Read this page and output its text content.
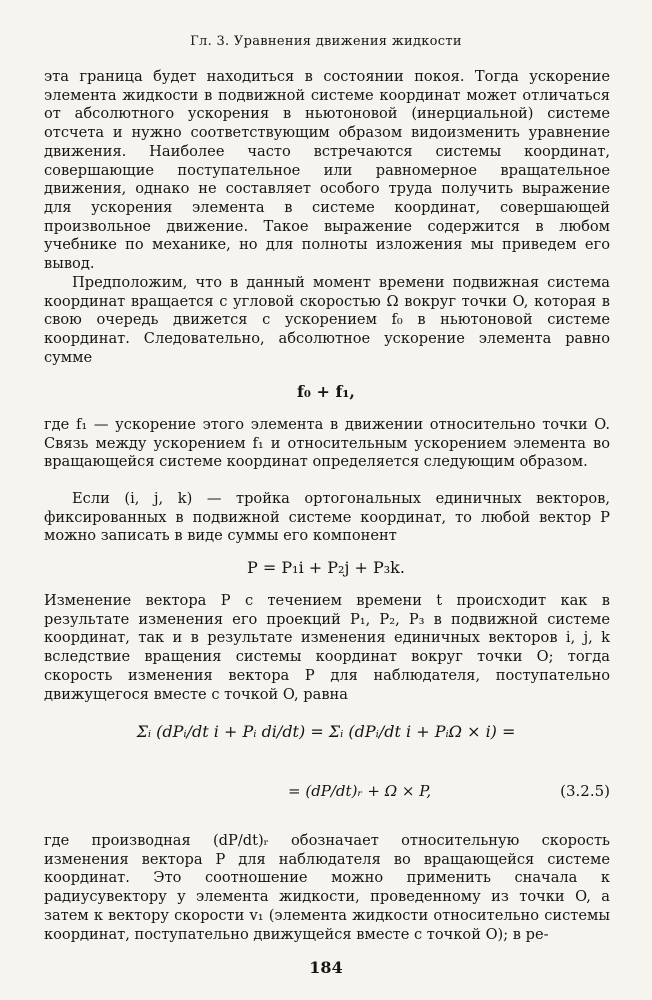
Гл. 3. Уравнения движения жидкости

эта граница будет находиться в состоянии покоя. Тогда ускорение элемента жидкости в подвижной системе координат может отличаться от абсолютного ускорения в ньютоновой (инерциальной) системе отсчета и нужно соответствующим образом видоизменить уравнение движения. Наиболее часто встречаются системы координат, совершающие поступательное или равномерное вращательное движения, однако не составляет особого труда получить выражение для ускорения элемента в системе координат, совершающей произвольное движение. Такое выражение содержится в любом учебнике по механике, но для полноты изложения мы приведем его вывод.

Предположим, что в данный момент времени подвижная система координат вращается с угловой скоростью Ω вокруг точки O, которая в свою очередь движется с ускорением f₀ в ньютоновой системе координат. Следовательно, абсолютное ускорение элемента равно сумме

f₀ + f₁,

где f₁ — ускорение этого элемента в движении относительно точки O. Связь между ускорением f₁ и относительным ускорением элемента во вращающейся системе координат определяется следующим образом.

Если (i, j, k) — тройка ортогональных единичных векторов, фиксированных в подвижной системе координат, то любой вектор P можно записать в виде суммы его компонент

P = P₁i + P₂j + P₃k.

Изменение вектора P с течением времени t происходит как в результате изменения его проекций P₁, P₂, P₃ в подвижной системе координат, так и в результате изменения единичных векторов i, j, k вследствие вращения системы координат вокруг точки O; тогда скорость изменения вектора P для наблюдателя, поступательно движущегося вместе с точкой O, равна

Σᵢ (dPᵢ/dt i + Pᵢ di/dt) = Σᵢ (dPᵢ/dt i + PᵢΩ × i) =
= (dP/dt)ᵣ + Ω × P,	(3.2.5)

где производная (dP/dt)ᵣ обозначает относительную скорость изменения вектора P для наблюдателя во вращающейся системе координат. Это соотношение можно применить сначала к радиусувектору y элемента жидкости, проведенному из точки O, а затем к вектору скорости v₁ (элемента жидкости относительно системы координат, поступательно движущейся вместе с точкой O); в ре-

184
